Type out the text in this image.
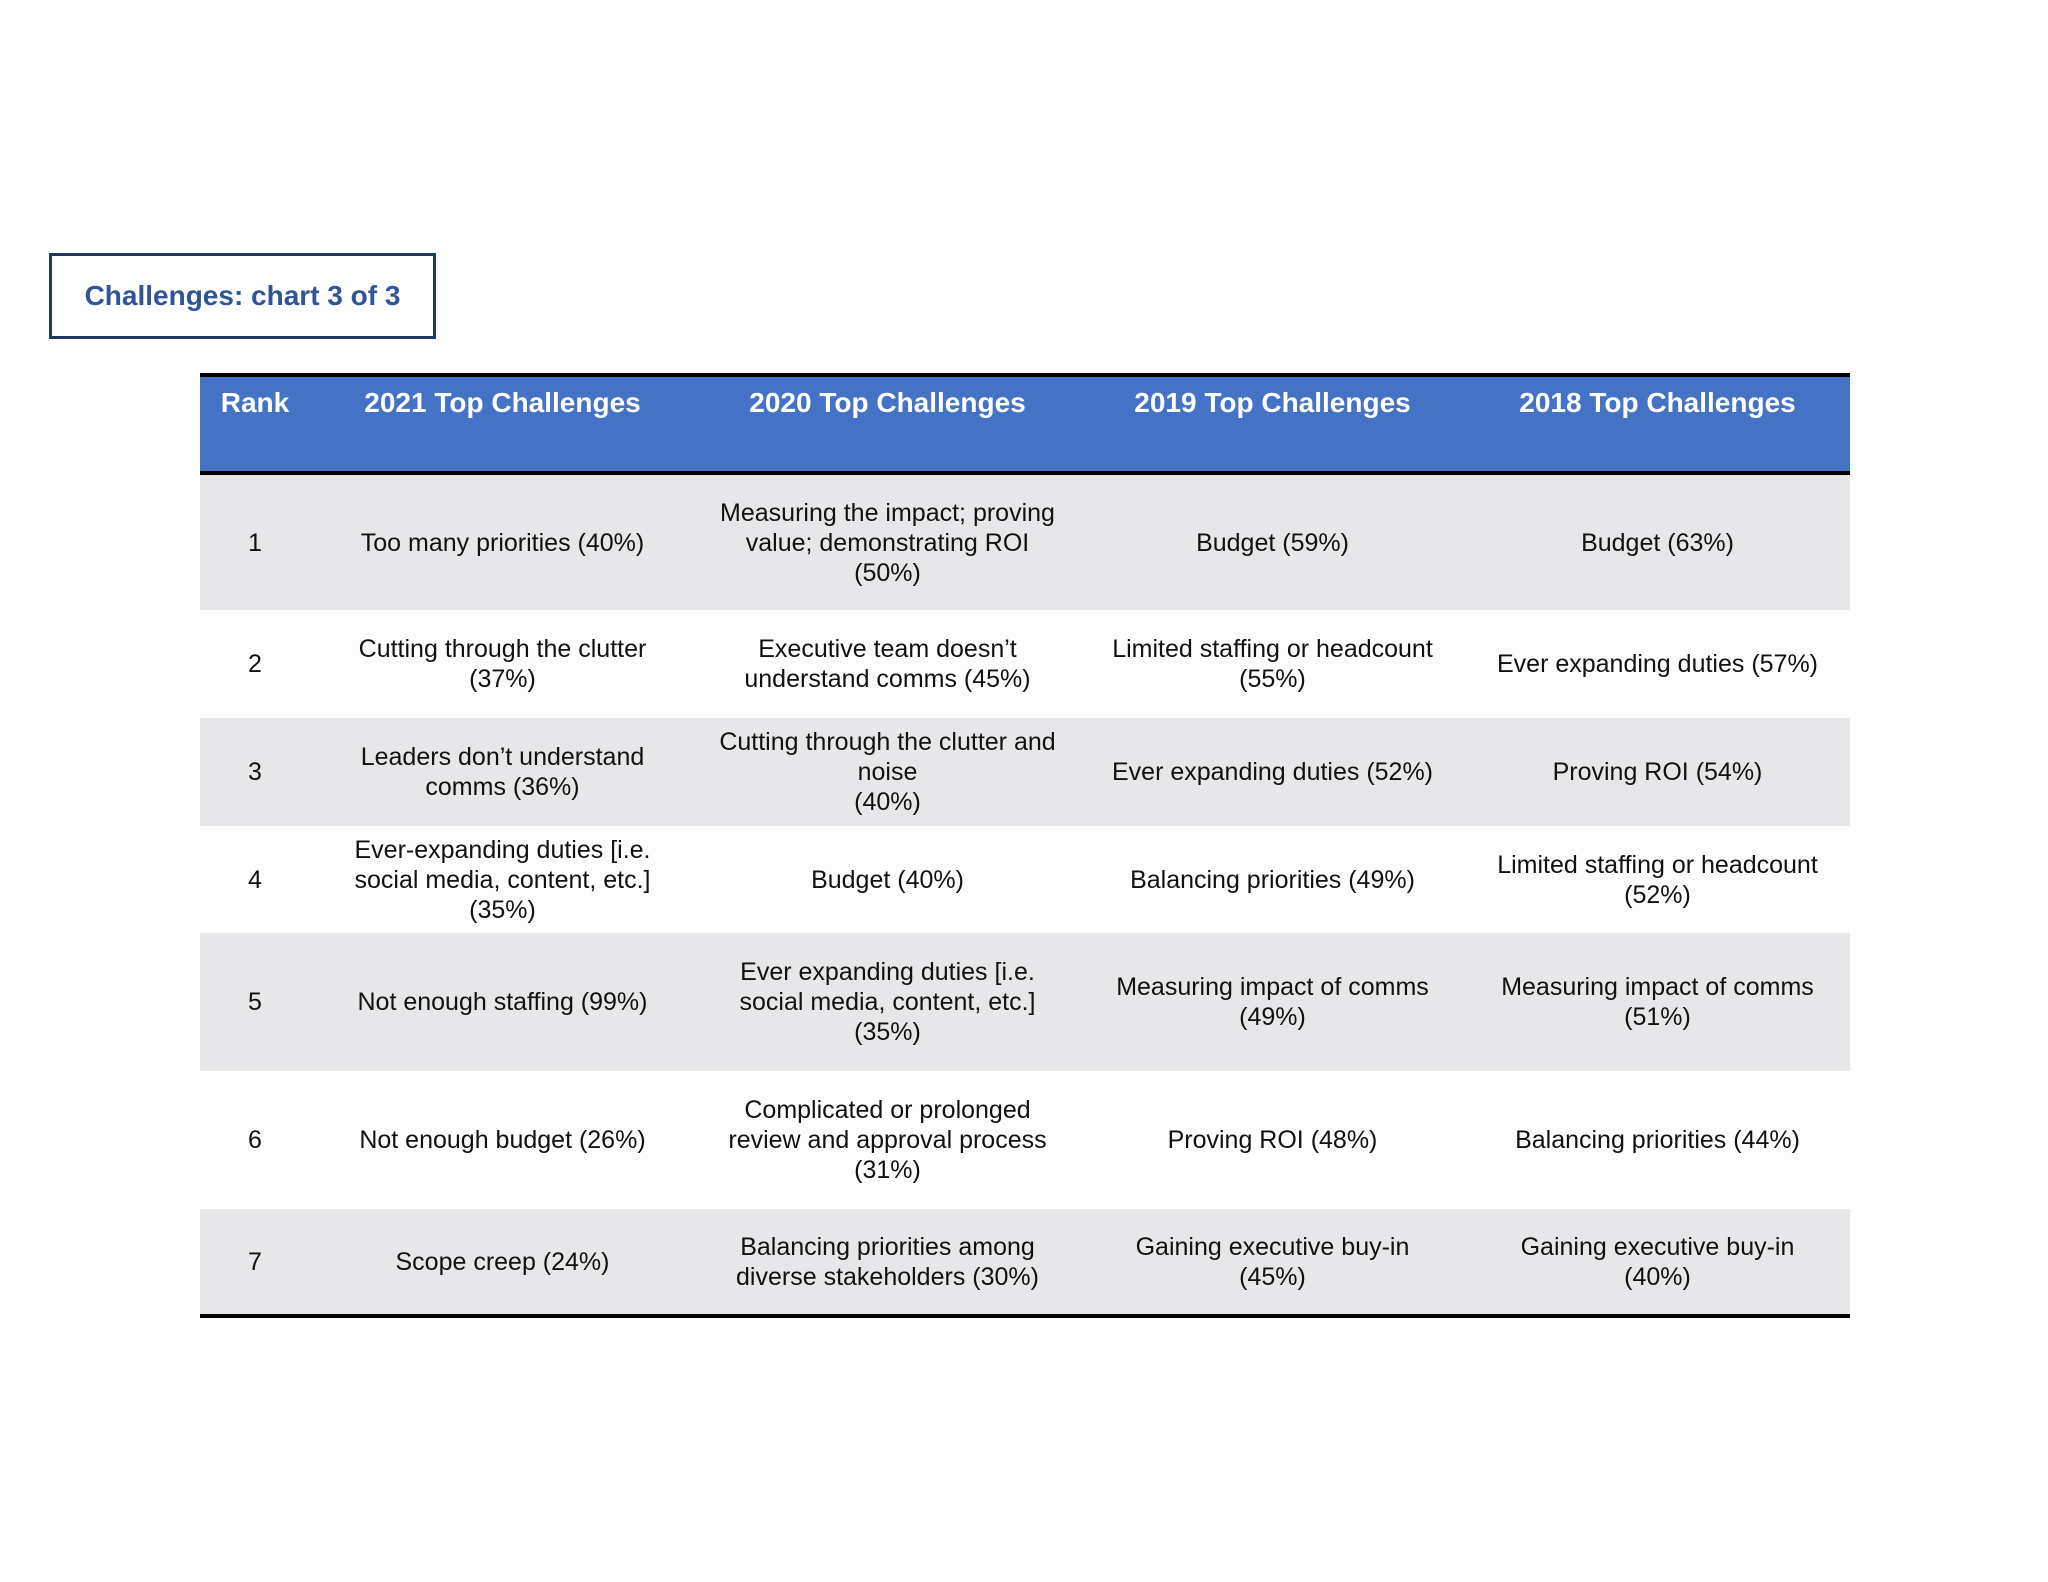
Challenges: chart 3 of 3
Rank	2021 Top Challenges	2020 Top Challenges	2019 Top Challenges	2018 Top Challenges
1	Too many priorities (40%)	Measuring the impact; proving
value; demonstrating ROI
(50%)	Budget (59%)	Budget (63%)

2	Cutting through the clutter
(37%)	Executive team doesn’t
understand comms (45%)	Limited staffing or headcount
(55%)	Ever expanding duties (57%)

3	Leaders don’t understand
comms (36%)	Cutting through the clutter and
noise
(40%)	Ever expanding duties (52%)	Proving ROI (54%)

4	Ever-expanding duties [i.e.
social media, content, etc.]
(35%)	Budget (40%)	Balancing priorities (49%)	Limited staffing or headcount
(52%)

5	Not enough staffing (99%)	Ever expanding duties [i.e.
social media, content, etc.]
(35%)	Measuring impact of comms
(49%)	Measuring impact of comms
(51%)

6	Not enough budget (26%)	Complicated or prolonged
review and approval process
(31%)	Proving ROI (48%)	Balancing priorities (44%)

7	Scope creep (24%)	Balancing priorities among
diverse stakeholders (30%)	Gaining executive buy-in
(45%)	Gaining executive buy-in
(40%)
